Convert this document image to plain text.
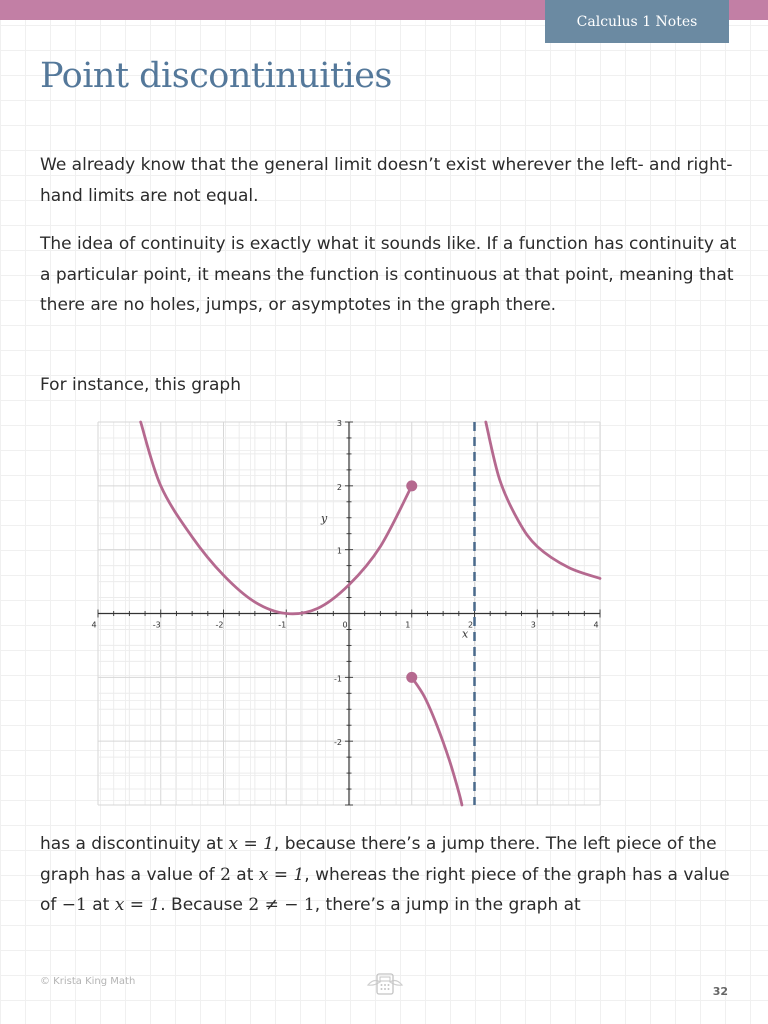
Calculus 1 Notes
Point discontinuities

We already know that the general limit doesn’t exist wherever the left- and right-hand limits are not equal.

The idea of continuity is exactly what it sounds like. If a function has continuity at a particular point, it means the function is continuous at that point, meaning that there are no holes, jumps, or asymptotes in the graph there.

For instance, this graph

4	-3	-2	-1	0	1	2	3	4
3
2
1
-1
-2
x
y

has a discontinuity at x = 1, because there’s a jump there. The left piece of the graph has a value of 2 at x = 1, whereas the right piece of the graph has a value of −1 at x = 1. Because 2 ≠ − 1, there’s a jump in the graph at

© Krista King Math
32
